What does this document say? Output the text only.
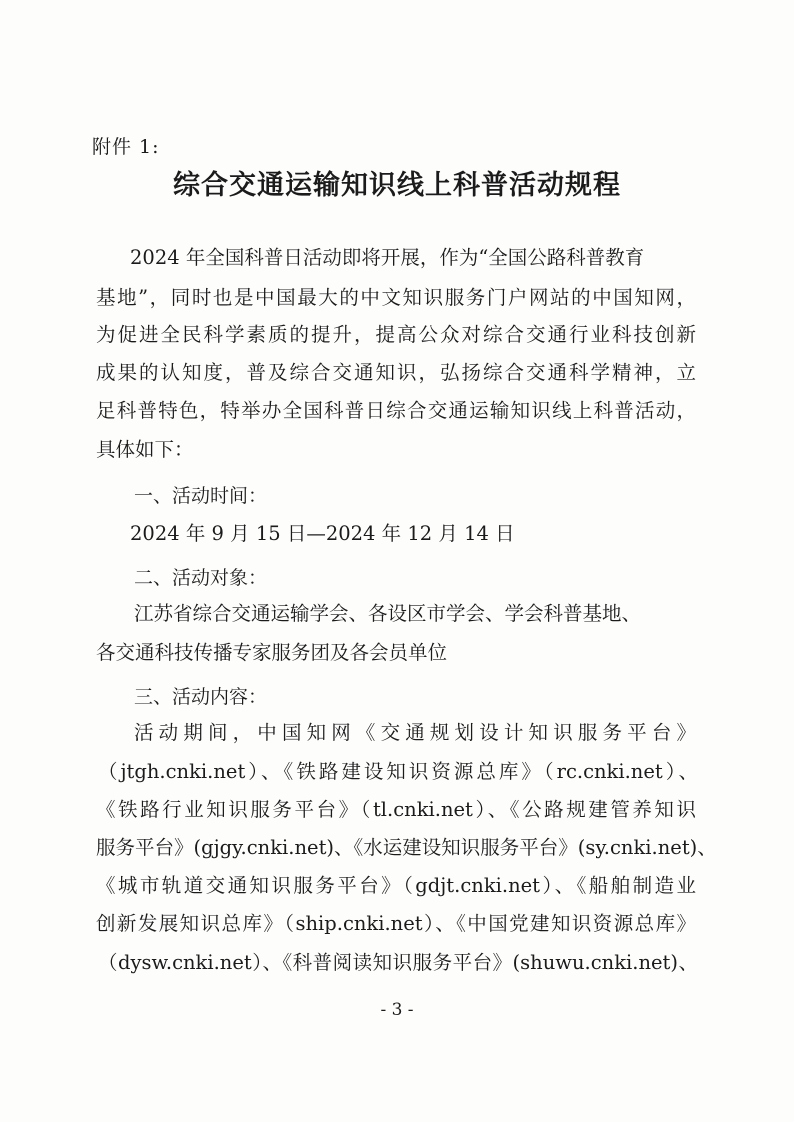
附件 1:
综合交通运输知识线上科普活动规程
2024 年全国科普日活动即将开展，作为“全国公路科普教育
基地”，同时也是中国最大的中文知识服务门户网站的中国知网，
为促进全民科学素质的提升，提高公众对综合交通行业科技创新
成果的认知度，普及综合交通知识，弘扬综合交通科学精神，立
足科普特色，特举办全国科普日综合交通运输知识线上科普活动，
具体如下：
一、活动时间：
2024 年 9 月 15 日—2024 年 12 月 14 日
二、活动对象：
江苏省综合交通运输学会、各设区市学会、学会科普基地、
各交通科技传播专家服务团及各会员单位
三、活动内容：
活动期间，中国知网《交通规划设计知识服务平台》
（jtgh.cnki.net）、《铁路建设知识资源总库》（rc.cnki.net）、
《铁路行业知识服务平台》（tl.cnki.net）、《公路规建管养知识
服务平台》(gjgy.cnki.net)、《水运建设知识服务平台》(sy.cnki.net)、
《城市轨道交通知识服务平台》（gdjt.cnki.net）、《船舶制造业
创新发展知识总库》（ship.cnki.net）、《中国党建知识资源总库》
（dysw.cnki.net）、《科普阅读知识服务平台》(shuwu.cnki.net)、
- 3 -
